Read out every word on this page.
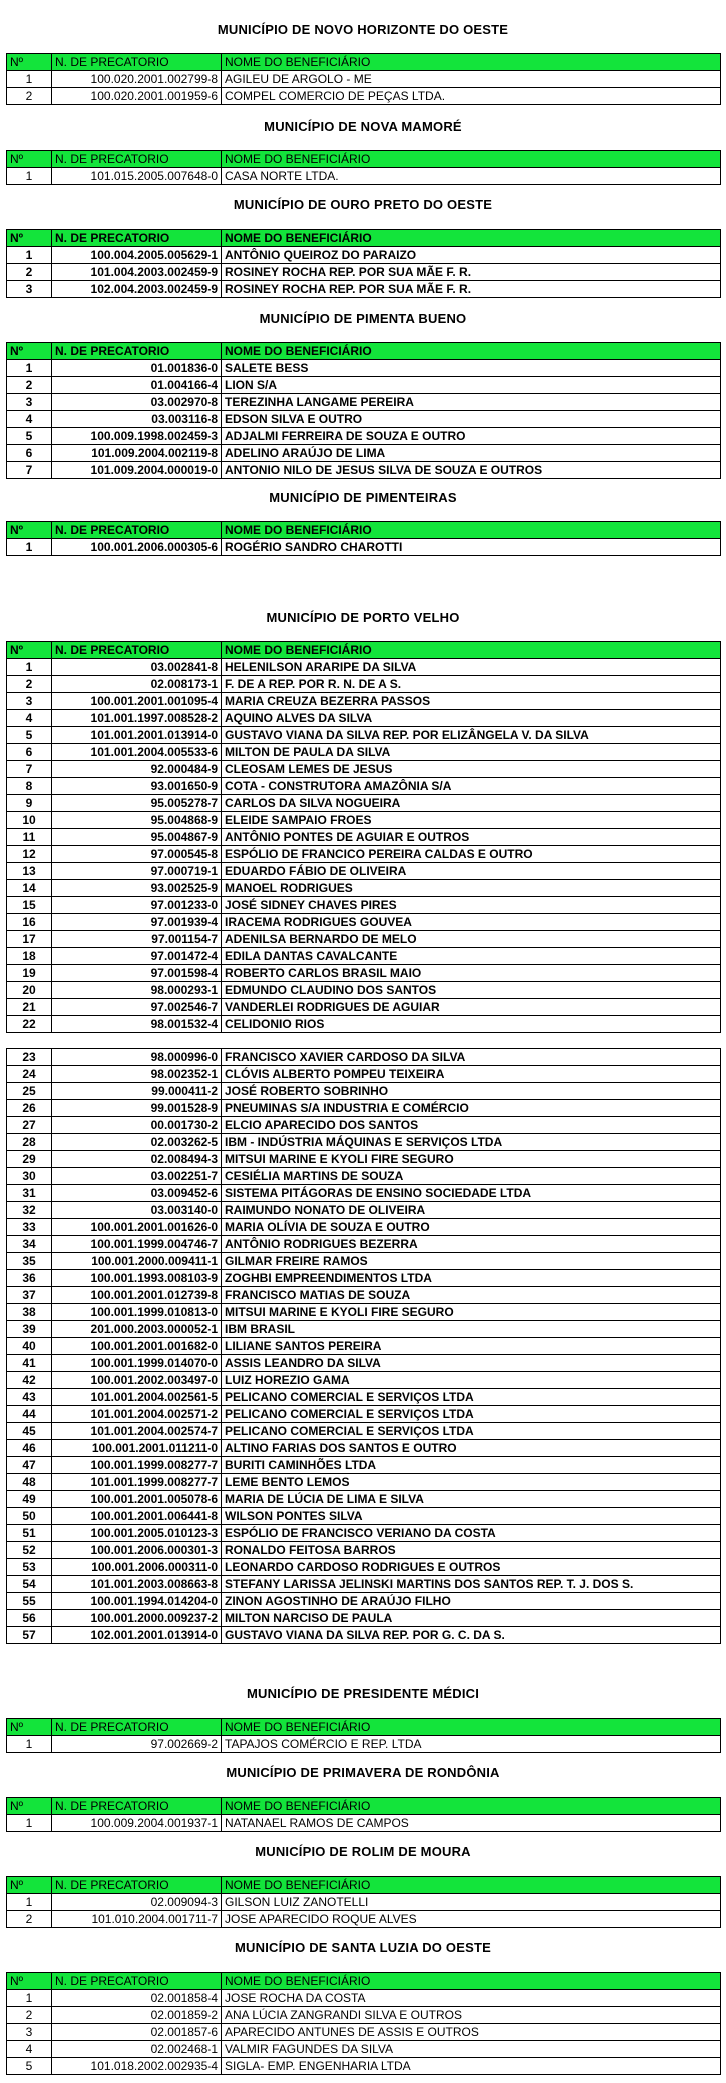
MUNICÍPIO DE NOVO HORIZONTE DO OESTE
Nº	N. DE PRECATORIO	NOME DO BENEFICIÁRIO
1	100.020.2001.002799-8	AGILEU DE ARGOLO - ME
2	100.020.2001.001959-6	COMPEL COMERCIO DE PEÇAS LTDA.
MUNICÍPIO DE NOVA MAMORÉ
Nº	N. DE PRECATORIO	NOME DO BENEFICIÁRIO
1	101.015.2005.007648-0	CASA NORTE LTDA.
MUNICÍPIO DE OURO PRETO DO OESTE
Nº	N. DE PRECATORIO	NOME DO BENEFICIÁRIO
1	100.004.2005.005629-1	ANTÔNIO QUEIROZ DO PARAIZO
2	101.004.2003.002459-9	ROSINEY ROCHA REP. POR SUA MÃE F. R.
3	102.004.2003.002459-9	ROSINEY ROCHA REP. POR SUA MÃE F. R.
MUNICÍPIO DE PIMENTA BUENO
Nº	N. DE PRECATORIO	NOME DO BENEFICIÁRIO
1	01.001836-0	SALETE BESS
2	01.004166-4	LION S/A
3	03.002970-8	TEREZINHA LANGAME PEREIRA
4	03.003116-8	EDSON SILVA E OUTRO
5	100.009.1998.002459-3	ADJALMI FERREIRA DE SOUZA E OUTRO
6	101.009.2004.002119-8	ADELINO ARAÚJO DE LIMA
7	101.009.2004.000019-0	ANTONIO NILO DE JESUS SILVA DE SOUZA E OUTROS
MUNICÍPIO DE PIMENTEIRAS
Nº	N. DE PRECATORIO	NOME DO BENEFICIÁRIO
1	100.001.2006.000305-6	ROGÉRIO SANDRO CHAROTTI
MUNICÍPIO DE PORTO VELHO
Nº	N. DE PRECATORIO	NOME DO BENEFICIÁRIO
1	03.002841-8	HELENILSON ARARIPE DA SILVA
2	02.008173-1	F. DE A REP. POR R. N. DE A S.
3	100.001.2001.001095-4	MARIA CREUZA BEZERRA PASSOS
4	101.001.1997.008528-2	AQUINO ALVES DA SILVA
5	101.001.2001.013914-0	GUSTAVO VIANA DA SILVA REP. POR ELIZÂNGELA V. DA SILVA
6	101.001.2004.005533-6	MILTON DE PAULA DA SILVA
7	92.000484-9	CLEOSAM LEMES DE JESUS
8	93.001650-9	COTA - CONSTRUTORA AMAZÔNIA S/A
9	95.005278-7	CARLOS DA SILVA NOGUEIRA
10	95.004868-9	ELEIDE SAMPAIO FROES
11	95.004867-9	ANTÔNIO PONTES DE AGUIAR E OUTROS
12	97.000545-8	ESPÓLIO DE FRANCICO PEREIRA CALDAS E OUTRO
13	97.000719-1	EDUARDO FÁBIO DE OLIVEIRA
14	93.002525-9	MANOEL RODRIGUES
15	97.001233-0	JOSÉ SIDNEY CHAVES PIRES
16	97.001939-4	IRACEMA RODRIGUES GOUVEA
17	97.001154-7	ADENILSA BERNARDO DE MELO
18	97.001472-4	EDILA DANTAS CAVALCANTE
19	97.001598-4	ROBERTO CARLOS BRASIL MAIO
20	98.000293-1	EDMUNDO CLAUDINO DOS SANTOS
21	97.002546-7	VANDERLEI RODRIGUES DE AGUIAR
22	98.001532-4	CELIDONIO RIOS
23	98.000996-0	FRANCISCO XAVIER CARDOSO DA SILVA
24	98.002352-1	CLÓVIS ALBERTO POMPEU TEIXEIRA
25	99.000411-2	JOSÉ ROBERTO SOBRINHO
26	99.001528-9	PNEUMINAS S/A INDUSTRIA E COMÉRCIO
27	00.001730-2	ELCIO APARECIDO DOS SANTOS
28	02.003262-5	IBM - INDÚSTRIA MÁQUINAS E SERVIÇOS LTDA
29	02.008494-3	MITSUI MARINE E KYOLI FIRE SEGURO
30	03.002251-7	CESIÉLIA MARTINS DE SOUZA
31	03.009452-6	SISTEMA PITÁGORAS DE ENSINO SOCIEDADE LTDA
32	03.003140-0	RAIMUNDO NONATO DE OLIVEIRA
33	100.001.2001.001626-0	MARIA OLÍVIA DE SOUZA E OUTRO
34	100.001.1999.004746-7	ANTÔNIO RODRIGUES BEZERRA
35	100.001.2000.009411-1	GILMAR FREIRE RAMOS
36	100.001.1993.008103-9	ZOGHBI EMPREENDIMENTOS LTDA
37	100.001.2001.012739-8	FRANCISCO MATIAS DE SOUZA
38	100.001.1999.010813-0	MITSUI MARINE E KYOLI FIRE SEGURO
39	201.000.2003.000052-1	IBM BRASIL
40	100.001.2001.001682-0	LILIANE SANTOS PEREIRA
41	100.001.1999.014070-0	ASSIS LEANDRO DA SILVA
42	100.001.2002.003497-0	LUIZ HOREZIO GAMA
43	101.001.2004.002561-5	PELICANO COMERCIAL E SERVIÇOS LTDA
44	101.001.2004.002571-2	PELICANO COMERCIAL E SERVIÇOS LTDA
45	101.001.2004.002574-7	PELICANO COMERCIAL E SERVIÇOS LTDA
46	100.001.2001.011211-0	ALTINO FARIAS DOS SANTOS E OUTRO
47	100.001.1999.008277-7	BURITI CAMINHÕES LTDA
48	101.001.1999.008277-7	LEME BENTO LEMOS
49	100.001.2001.005078-6	MARIA DE LÚCIA DE LIMA E SILVA
50	100.001.2001.006441-8	WILSON PONTES SILVA
51	100.001.2005.010123-3	ESPÓLIO DE FRANCISCO VERIANO DA COSTA
52	100.001.2006.000301-3	RONALDO FEITOSA BARROS
53	100.001.2006.000311-0	LEONARDO CARDOSO RODRIGUES E OUTROS
54	101.001.2003.008663-8	STEFANY LARISSA JELINSKI MARTINS DOS SANTOS REP. T. J. DOS S.
55	100.001.1994.014204-0	ZINON AGOSTINHO DE ARAÚJO FILHO
56	100.001.2000.009237-2	MILTON NARCISO DE PAULA
57	102.001.2001.013914-0	GUSTAVO VIANA DA SILVA REP. POR G. C. DA S.
MUNICÍPIO DE PRESIDENTE MÉDICI
Nº	N. DE PRECATORIO	NOME DO BENEFICIÁRIO
1	97.002669-2	TAPAJOS COMÉRCIO E REP. LTDA
MUNICÍPIO DE PRIMAVERA DE RONDÔNIA
Nº	N. DE PRECATORIO	NOME DO BENEFICIÁRIO
1	100.009.2004.001937-1	NATANAEL RAMOS DE CAMPOS
MUNICÍPIO DE ROLIM DE MOURA
Nº	N. DE PRECATORIO	NOME DO BENEFICIÁRIO
1	02.009094-3	GILSON LUIZ ZANOTELLI
2	101.010.2004.001711-7	JOSE APARECIDO ROQUE ALVES
MUNICÍPIO DE SANTA LUZIA DO OESTE
Nº	N. DE PRECATORIO	NOME DO BENEFICIÁRIO
1	02.001858-4	JOSE ROCHA DA COSTA
2	02.001859-2	ANA LÚCIA ZANGRANDI SILVA E OUTROS
3	02.001857-6	APARECIDO ANTUNES DE ASSIS E OUTROS
4	02.002468-1	VALMIR FAGUNDES DA SILVA
5	101.018.2002.002935-4	SIGLA- EMP. ENGENHARIA LTDA
